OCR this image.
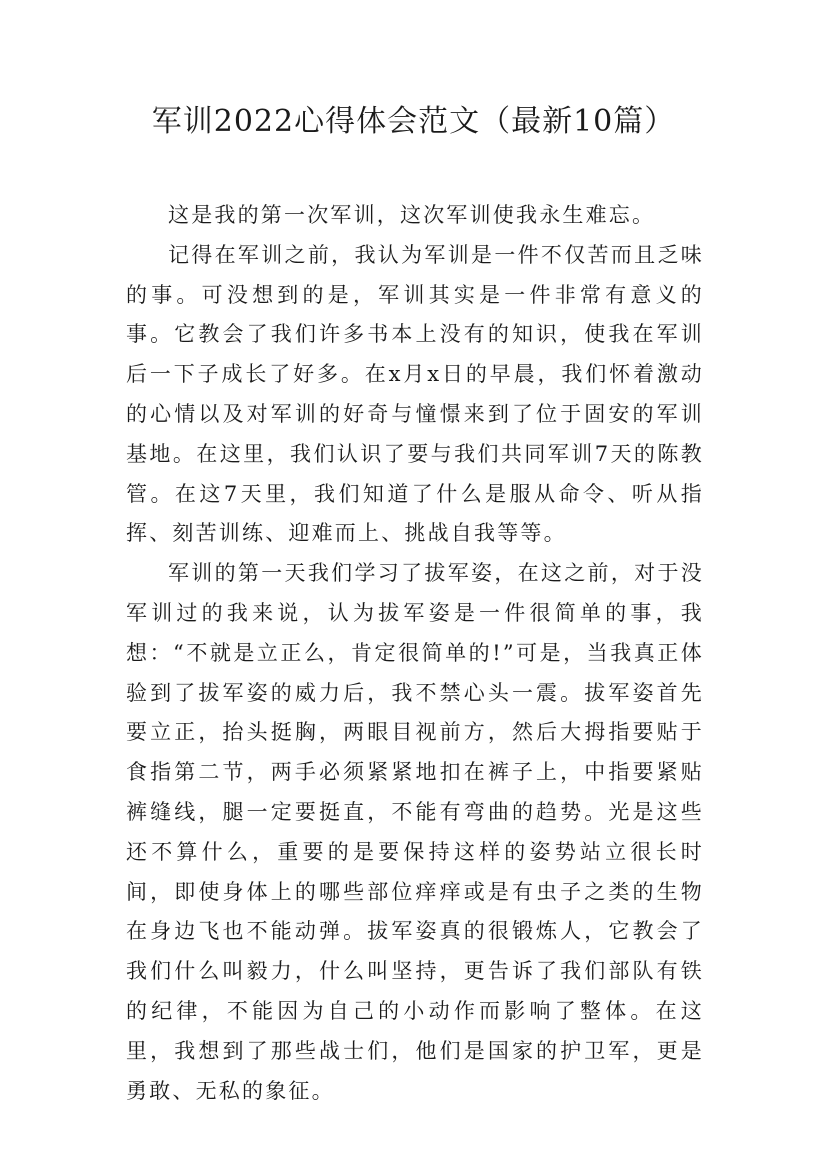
军训2022心得体会范文（最新10篇）

这是我的第一次军训，这次军训使我永生难忘。

记得在军训之前，我认为军训是一件不仅苦而且乏味的事。可没想到的是，军训其实是一件非常有意义的事。它教会了我们许多书本上没有的知识，使我在军训后一下子成长了好多。在x月x日的早晨，我们怀着激动的心情以及对军训的好奇与憧憬来到了位于固安的军训基地。在这里，我们认识了要与我们共同军训7天的陈教管。在这7天里，我们知道了什么是服从命令、听从指挥、刻苦训练、迎难而上、挑战自我等等。

军训的第一天我们学习了拔军姿，在这之前，对于没军训过的我来说，认为拔军姿是一件很简单的事，我想：“不就是立正么，肯定很简单的!”可是，当我真正体验到了拔军姿的威力后，我不禁心头一震。拔军姿首先要立正，抬头挺胸，两眼目视前方，然后大拇指要贴于食指第二节，两手必须紧紧地扣在裤子上，中指要紧贴裤缝线，腿一定要挺直，不能有弯曲的趋势。光是这些还不算什么，重要的是要保持这样的姿势站立很长时间，即使身体上的哪些部位痒痒或是有虫子之类的生物在身边飞也不能动弹。拔军姿真的很锻炼人，它教会了我们什么叫毅力，什么叫坚持，更告诉了我们部队有铁的纪律，不能因为自己的小动作而影响了整体。在这里，我想到了那些战士们，他们是国家的护卫军，更是勇敢、无私的象征。
